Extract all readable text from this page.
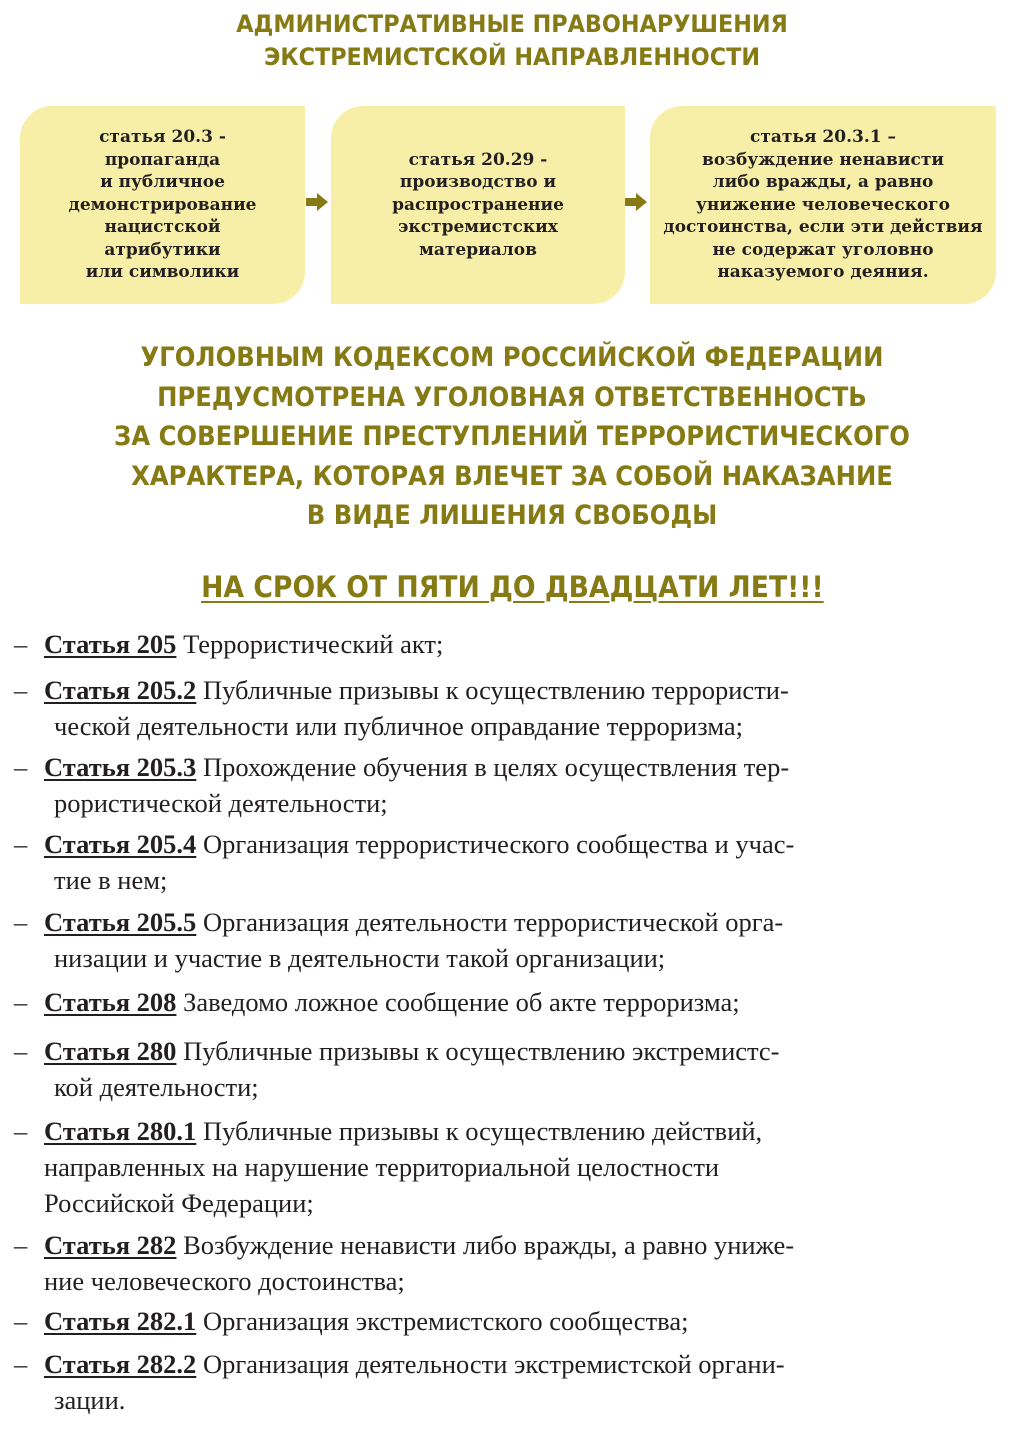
АДМИНИСТРАТИВНЫЕ ПРАВОНАРУШЕНИЯ
ЭКСТРЕМИСТСКОЙ НАПРАВЛЕННОСТИ
статья 20.3 -
пропаганда
и публичное
демонстрирование
нацистской
атрибутики
или символики
статья 20.29 -
производство и
распространение
экстремистских
материалов
статья 20.3.1 –
возбуждение ненависти
либо вражды, а равно
унижение человеческого
достоинства, если эти действия
не содержат уголовно
наказуемого деяния.
УГОЛОВНЫМ КОДЕКСОМ РОССИЙСКОЙ ФЕДЕРАЦИИ
ПРЕДУСМОТРЕНА УГОЛОВНАЯ ОТВЕТСТВЕННОСТЬ
ЗА СОВЕРШЕНИЕ ПРЕСТУПЛЕНИЙ ТЕРРОРИСТИЧЕСКОГО
ХАРАКТЕРА, КОТОРАЯ ВЛЕЧЕТ ЗА СОБОЙ НАКАЗАНИЕ
В ВИДЕ ЛИШЕНИЯ СВОБОДЫ
НА СРОК ОТ ПЯТИ ДО ДВАДЦАТИ ЛЕТ!!!
– Статья 205 Террористический акт;
– Статья 205.2 Публичные призывы к осуществлению террористи-
ческой деятельности или публичное оправдание терроризма;
– Статья 205.3 Прохождение обучения в целях осуществления тер-
рористической деятельности;
– Статья 205.4 Организация террористического сообщества и учас-
тие в нем;
– Статья 205.5 Организация деятельности террористической орга-
низации и участие в деятельности такой организации;
– Статья 208 Заведомо ложное сообщение об акте терроризма;
– Статья 280 Публичные призывы к осуществлению экстремистс-
кой деятельности;
– Статья 280.1 Публичные призывы к осуществлению действий,
направленных на нарушение территориальной целостности
Российской Федерации;
– Статья 282 Возбуждение ненависти либо вражды, а равно униже-
ние человеческого достоинства;
– Статья 282.1 Организация экстремистского сообщества;
– Статья 282.2 Организация деятельности экстремистской органи-
зации.
